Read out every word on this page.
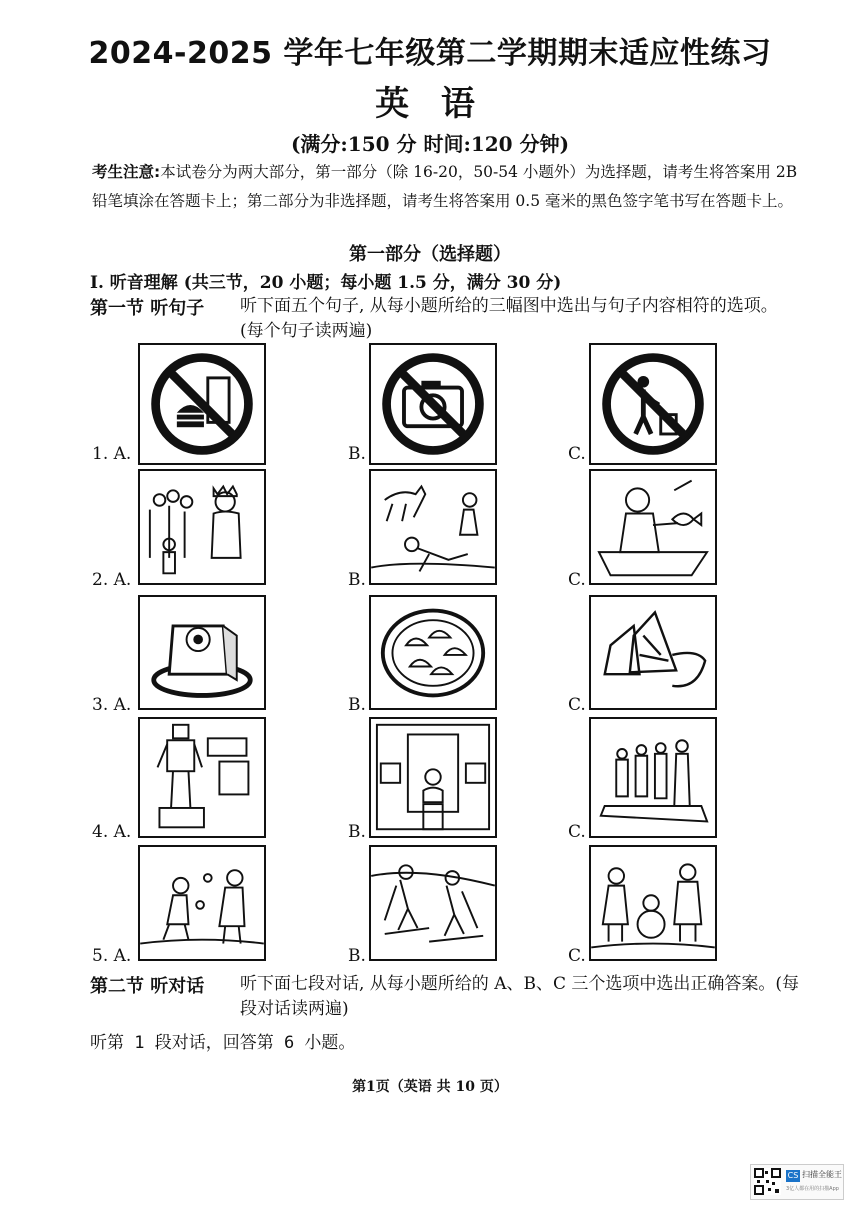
2024-2025 学年七年级第二学期期末适应性练习
英 语
(满分:150 分 时间:120 分钟)
考生注意:本试卷分为两大部分，第一部分（除 16-20，50-54 小题外）为选择题，请考生将答案用 2B 铅笔填涂在答题卡上；第二部分为非选择题，请考生将答案用 0.5 毫米的黑色签字笔书写在答题卡上。
第一部分（选择题）
I. 听音理解 (共三节，20 小题；每小题 1.5 分，满分 30 分)
第一节 听句子 听下面五个句子, 从每小题所给的三幅图中选出与句子内容相符的选项。(每个句子读两遍)
1. A.	B.	C.
2. A.	B.	C.
3. A.	B.	C.
4. A.	B.	C.
5. A.	B.	C.
第二节 听对话 听下面七段对话, 从每小题所给的 A、B、C 三个选项中选出正确答案。(每段对话读两遍)
听第 1 段对话，回答第 6 小题。
第1页（英语 共 10 页）
CS 扫描全能王
3亿人都在用的扫描App
